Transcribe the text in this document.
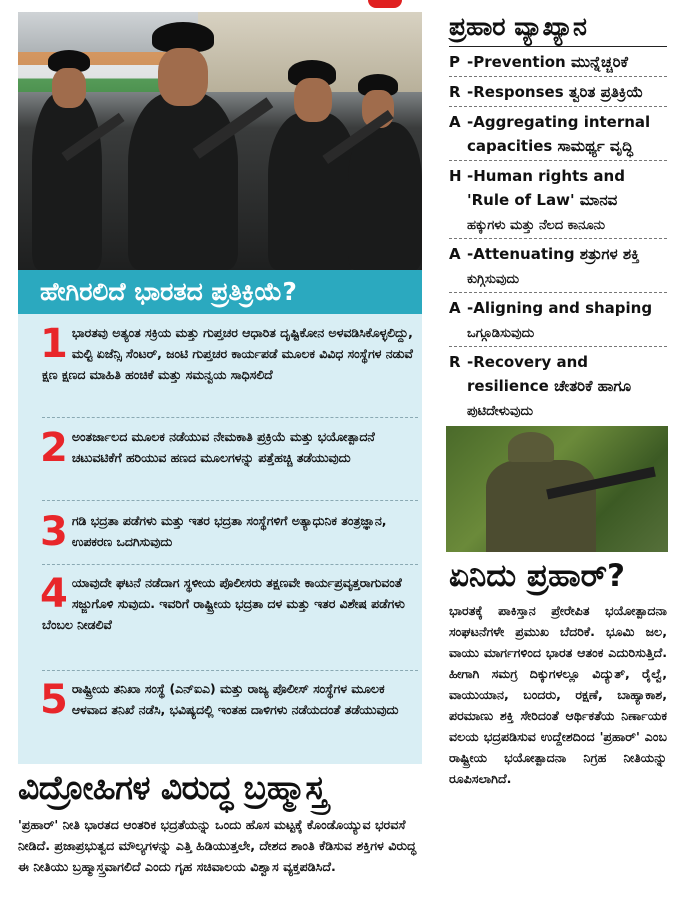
ಹೇಗಿರಲಿದೆ ಭಾರತದ ಪ್ರತಿಕ್ರಿಯೆ?
1 ಭಾರತವು ಅತ್ಯಂತ ಸಕ್ರಿಯ ಮತ್ತು ಗುಪ್ತಚರ ಆಧಾರಿತ ದೃಷ್ಟಿಕೋನ ಅಳವಡಿಸಿಕೊಳ್ಳಲಿದ್ದು, ಮಲ್ಟಿ ಏಜೆನ್ಸಿ ಸೆಂಟರ್, ಜಂಟಿ ಗುಪ್ತಚರ ಕಾರ್ಯಪಡೆ ಮೂಲಕ ವಿವಿಧ ಸಂಸ್ಥೆಗಳ ನಡುವೆ ಕ್ಷಣ ಕ್ಷಣದ ಮಾಹಿತಿ ಹಂಚಿಕೆ ಮತ್ತು ಸಮನ್ವಯ ಸಾಧಿಸಲಿದೆ
2 ಅಂತರ್ಜಾಲದ ಮೂಲಕ ನಡೆಯುವ ನೇಮಕಾತಿ ಪ್ರಕ್ರಿಯೆ ಮತ್ತು ಭಯೋತ್ಪಾದನೆ ಚಟುವಟಿಕೆಗೆ ಹರಿಯುವ ಹಣದ ಮೂಲಗಳನ್ನು ಪತ್ತೆಹಚ್ಚಿ ತಡೆಯುವುದು
3 ಗಡಿ ಭದ್ರತಾ ಪಡೆಗಳು ಮತ್ತು ಇತರ ಭದ್ರತಾ ಸಂಸ್ಥೆಗಳಿಗೆ ಅತ್ಯಾಧುನಿಕ ತಂತ್ರಜ್ಞಾನ, ಉಪಕರಣ ಒದಗಿಸುವುದು
4 ಯಾವುದೇ ಘಟನೆ ನಡೆದಾಗ ಸ್ಥಳೀಯ ಪೊಲೀಸರು ತಕ್ಷಣವೇ ಕಾರ್ಯಪ್ರವೃತ್ತರಾಗುವಂತೆ ಸಜ್ಜುಗೊಳಿ ಸುವುದು. ಇವರಿಗೆ ರಾಷ್ಟ್ರೀಯ ಭದ್ರತಾ ದಳ ಮತ್ತು ಇತರ ವಿಶೇಷ ಪಡೆಗಳು ಬೆಂಬಲ ನೀಡಲಿವೆ
5 ರಾಷ್ಟ್ರೀಯ ತನಿಖಾ ಸಂಸ್ಥೆ (ಎನ್‌ಐಎ) ಮತ್ತು ರಾಜ್ಯ ಪೊಲೀಸ್ ಸಂಸ್ಥೆಗಳ ಮೂಲಕ ಆಳವಾದ ತನಿಖೆ ನಡೆಸಿ, ಭವಿಷ್ಯದಲ್ಲಿ ಇಂತಹ ದಾಳಿಗಳು ನಡೆಯದಂತೆ ತಡೆಯುವುದು
ವಿದ್ರೋಹಿಗಳ ವಿರುದ್ಧ ಬ್ರಹ್ಮಾಸ್ತ್ರ
'ಪ್ರಹಾರ್' ನೀತಿ ಭಾರತದ ಆಂತರಿಕ ಭದ್ರತೆಯನ್ನು ಒಂದು ಹೊಸ ಮಟ್ಟಕ್ಕೆ ಕೊಂಡೊಯ್ಯುವ ಭರವಸೆ ನೀಡಿದೆ. ಪ್ರಜಾಪ್ರಭುತ್ವದ ಮೌಲ್ಯಗಳನ್ನು ಎತ್ತಿ ಹಿಡಿಯುತ್ತಲೇ, ದೇಶದ ಶಾಂತಿ ಕೆಡಿಸುವ ಶಕ್ತಿಗಳ ವಿರುದ್ಧ ಈ ನೀತಿಯು ಬ್ರಹ್ಮಾಸ್ತ್ರವಾಗಲಿದೆ ಎಂದು ಗೃಹ ಸಚಿವಾಲಯ ವಿಶ್ವಾಸ ವ್ಯಕ್ತಪಡಿಸಿದೆ.
ಪ್ರಹಾರ ವ್ಯಾಖ್ಯಾನ
P -Prevention ಮುನ್ನೆಚ್ಚರಿಕೆ
R -Responses ತ್ವರಿತ ಪ್ರತಿಕ್ರಿಯೆ
A -Aggregating internal
capacities ಸಾಮರ್ಥ್ಯ ವೃದ್ಧಿ
H -Human rights and
'Rule of Law' ಮಾನವ
ಹಕ್ಕುಗಳು ಮತ್ತು ನೆಲದ ಕಾನೂನು
A -Attenuating ಶತ್ರುಗಳ ಶಕ್ತಿ
ಕುಗ್ಗಿಸುವುದು
A -Aligning and shaping
ಒಗ್ಗೂಡಿಸುವುದು
R -Recovery and
resilience ಚೇತರಿಕೆ ಹಾಗೂ
ಪುಟಿದೇಳುವುದು
ಏನಿದು ಪ್ರಹಾರ್?
ಭಾರತಕ್ಕೆ ಪಾಕಿಸ್ತಾನ ಪ್ರೇರೇಪಿತ ಭಯೋತ್ಪಾದನಾ ಸಂಘಟನೆಗಳೇ ಪ್ರಮುಖ ಬೆದರಿಕೆ. ಭೂಮಿ ಜಲ, ವಾಯು ಮಾರ್ಗಗಳಿಂದ ಭಾರತ ಆತಂಕ ಎದುರಿಸುತ್ತಿದೆ. ಹೀಗಾಗಿ ಸಮಗ್ರ ದಿಕ್ಕುಗಳಲ್ಲೂ ವಿದ್ಯುತ್, ರೈಲ್ವೆ, ವಾಯುಯಾನ, ಬಂದರು, ರಕ್ಷಣೆ, ಬಾಹ್ಯಾಕಾಶ, ಪರಮಾಣು ಶಕ್ತಿ ಸೇರಿದಂತೆ ಆರ್ಥಿಕತೆಯ ನಿರ್ಣಾಯಕ ವಲಯ ಭದ್ರಪಡಿಸುವ ಉದ್ದೇಶದಿಂದ 'ಪ್ರಹಾರ್' ಎಂಬ ರಾಷ್ಟ್ರೀಯ ಭಯೋತ್ಪಾದನಾ ನಿಗ್ರಹ ನೀತಿಯನ್ನು ರೂಪಿಸಲಾಗಿದೆ.
